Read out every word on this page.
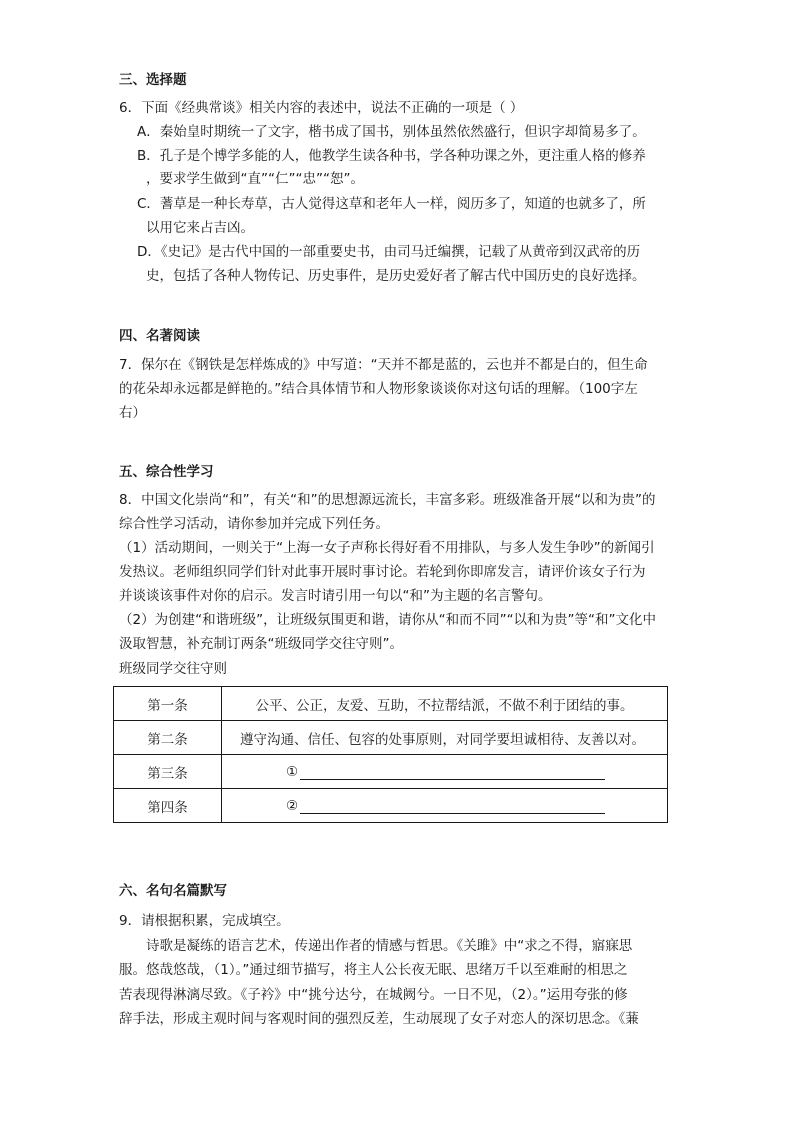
三、选择题
6．下面《经典常谈》相关内容的表述中，说法不正确的一项是（ ）
A．秦始皇时期统一了文字，楷书成了国书，别体虽然依然盛行，但识字却简易多了。
B．孔子是个博学多能的人，他教学生读各种书，学各种功课之外，更注重人格的修养
，要求学生做到“直”“仁”“忠”“恕”。
C．蓍草是一种长寿草，古人觉得这草和老年人一样，阅历多了，知道的也就多了，所
以用它来占吉凶。
D．《史记》是古代中国的一部重要史书，由司马迁编撰，记载了从黄帝到汉武帝的历
史，包括了各种人物传记、历史事件，是历史爱好者了解古代中国历史的良好选择。
四、名著阅读
7．保尔在《钢铁是怎样炼成的》中写道：“天并不都是蓝的，云也并不都是白的，但生命
的花朵却永远都是鲜艳的。”结合具体情节和人物形象谈谈你对这句话的理解。（100字左
右）
五、综合性学习
8．中国文化崇尚“和”，有关“和”的思想源远流长，丰富多彩。班级准备开展“以和为贵”的
综合性学习活动，请你参加并完成下列任务。
（1）活动期间，一则关于“上海一女子声称长得好看不用排队，与多人发生争吵”的新闻引
发热议。老师组织同学们针对此事开展时事讨论。若轮到你即席发言，请评价该女子行为
并谈谈该事件对你的启示。发言时请引用一句以“和”为主题的名言警句。
（2）为创建“和谐班级”，让班级氛围更和谐，请你从“和而不同”“以和为贵”等“和”文化中
汲取智慧，补充制订两条“班级同学交往守则”。
班级同学交往守则
第一条	公平、公正，友爱、互助，不拉帮结派，不做不利于团结的事。
第二条	遵守沟通、信任、包容的处事原则，对同学要坦诚相待、友善以对。
第三条	①
第四条	②
六、名句名篇默写
9．请根据积累，完成填空。
诗歌是凝练的语言艺术，传递出作者的情感与哲思。《关雎》中“求之不得，寤寐思
服。悠哉悠哉，（1）。”通过细节描写，将主人公长夜无眠、思绪万千以至难耐的相思之
苦表现得淋漓尽致。《子衿》中“挑兮达兮，在城阙兮。一日不见，（2）。”运用夸张的修
辞手法，形成主观时间与客观时间的强烈反差，生动展现了女子对恋人的深切思念。《蒹
